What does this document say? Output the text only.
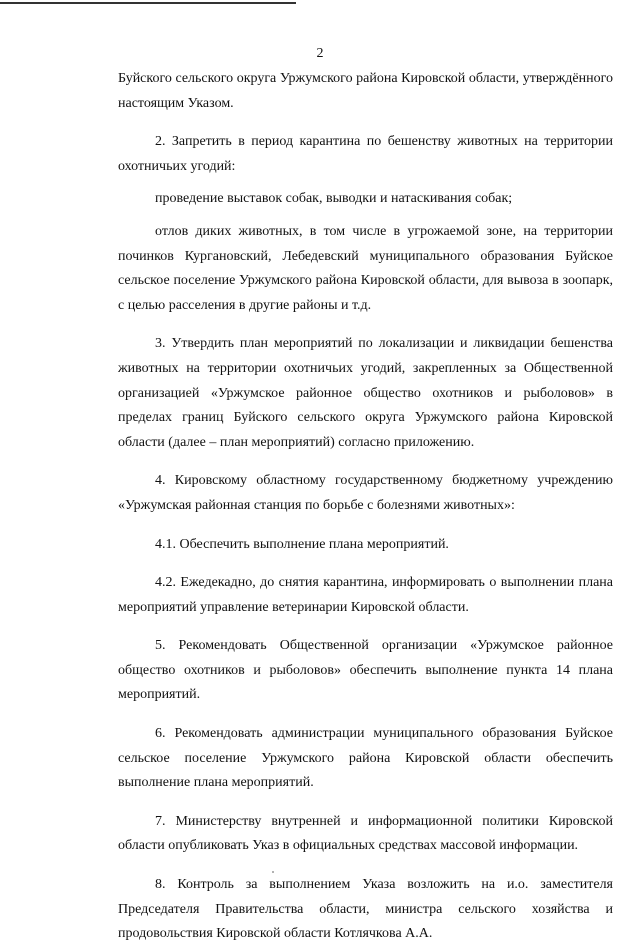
2

Буйского сельского округа Уржумского района Кировской области, утверждённого настоящим Указом.

2. Запретить в период карантина по бешенству животных на территории охотничьих угодий:

проведение выставок собак, выводки и натаскивания собак;

отлов диких животных, в том числе в угрожаемой зоне, на территории починков Кургановский, Лебедевский муниципального образования Буйское сельское поселение Уржумского района Кировской области, для вывоза в зоопарк, с целью расселения в другие районы и т.д.

3. Утвердить план мероприятий по локализации и ликвидации бешенства животных на территории охотничьих угодий, закрепленных за Общественной организацией «Уржумское районное общество охотников и рыболовов» в пределах границ Буйского сельского округа Уржумского района Кировской области (далее – план мероприятий) согласно приложению.

4. Кировскому областному государственному бюджетному учреждению «Уржумская районная станция по борьбе с болезнями животных»:

4.1. Обеспечить выполнение плана мероприятий.

4.2. Ежедекадно, до снятия карантина, информировать о выполнении плана мероприятий управление ветеринарии Кировской области.

5. Рекомендовать Общественной организации «Уржумское районное общество охотников и рыболовов» обеспечить выполнение пункта 14 плана мероприятий.

6. Рекомендовать администрации муниципального образования Буйское сельское поселение Уржумского района Кировской области обеспечить выполнение плана мероприятий.

7. Министерству внутренней и информационной политики Кировской области опубликовать Указ в официальных средствах массовой информации.

8. Контроль за выполнением Указа возложить на и.о. заместителя Председателя Правительства области, министра сельского хозяйства и продовольствия Кировской области Котлячкова А.А.
